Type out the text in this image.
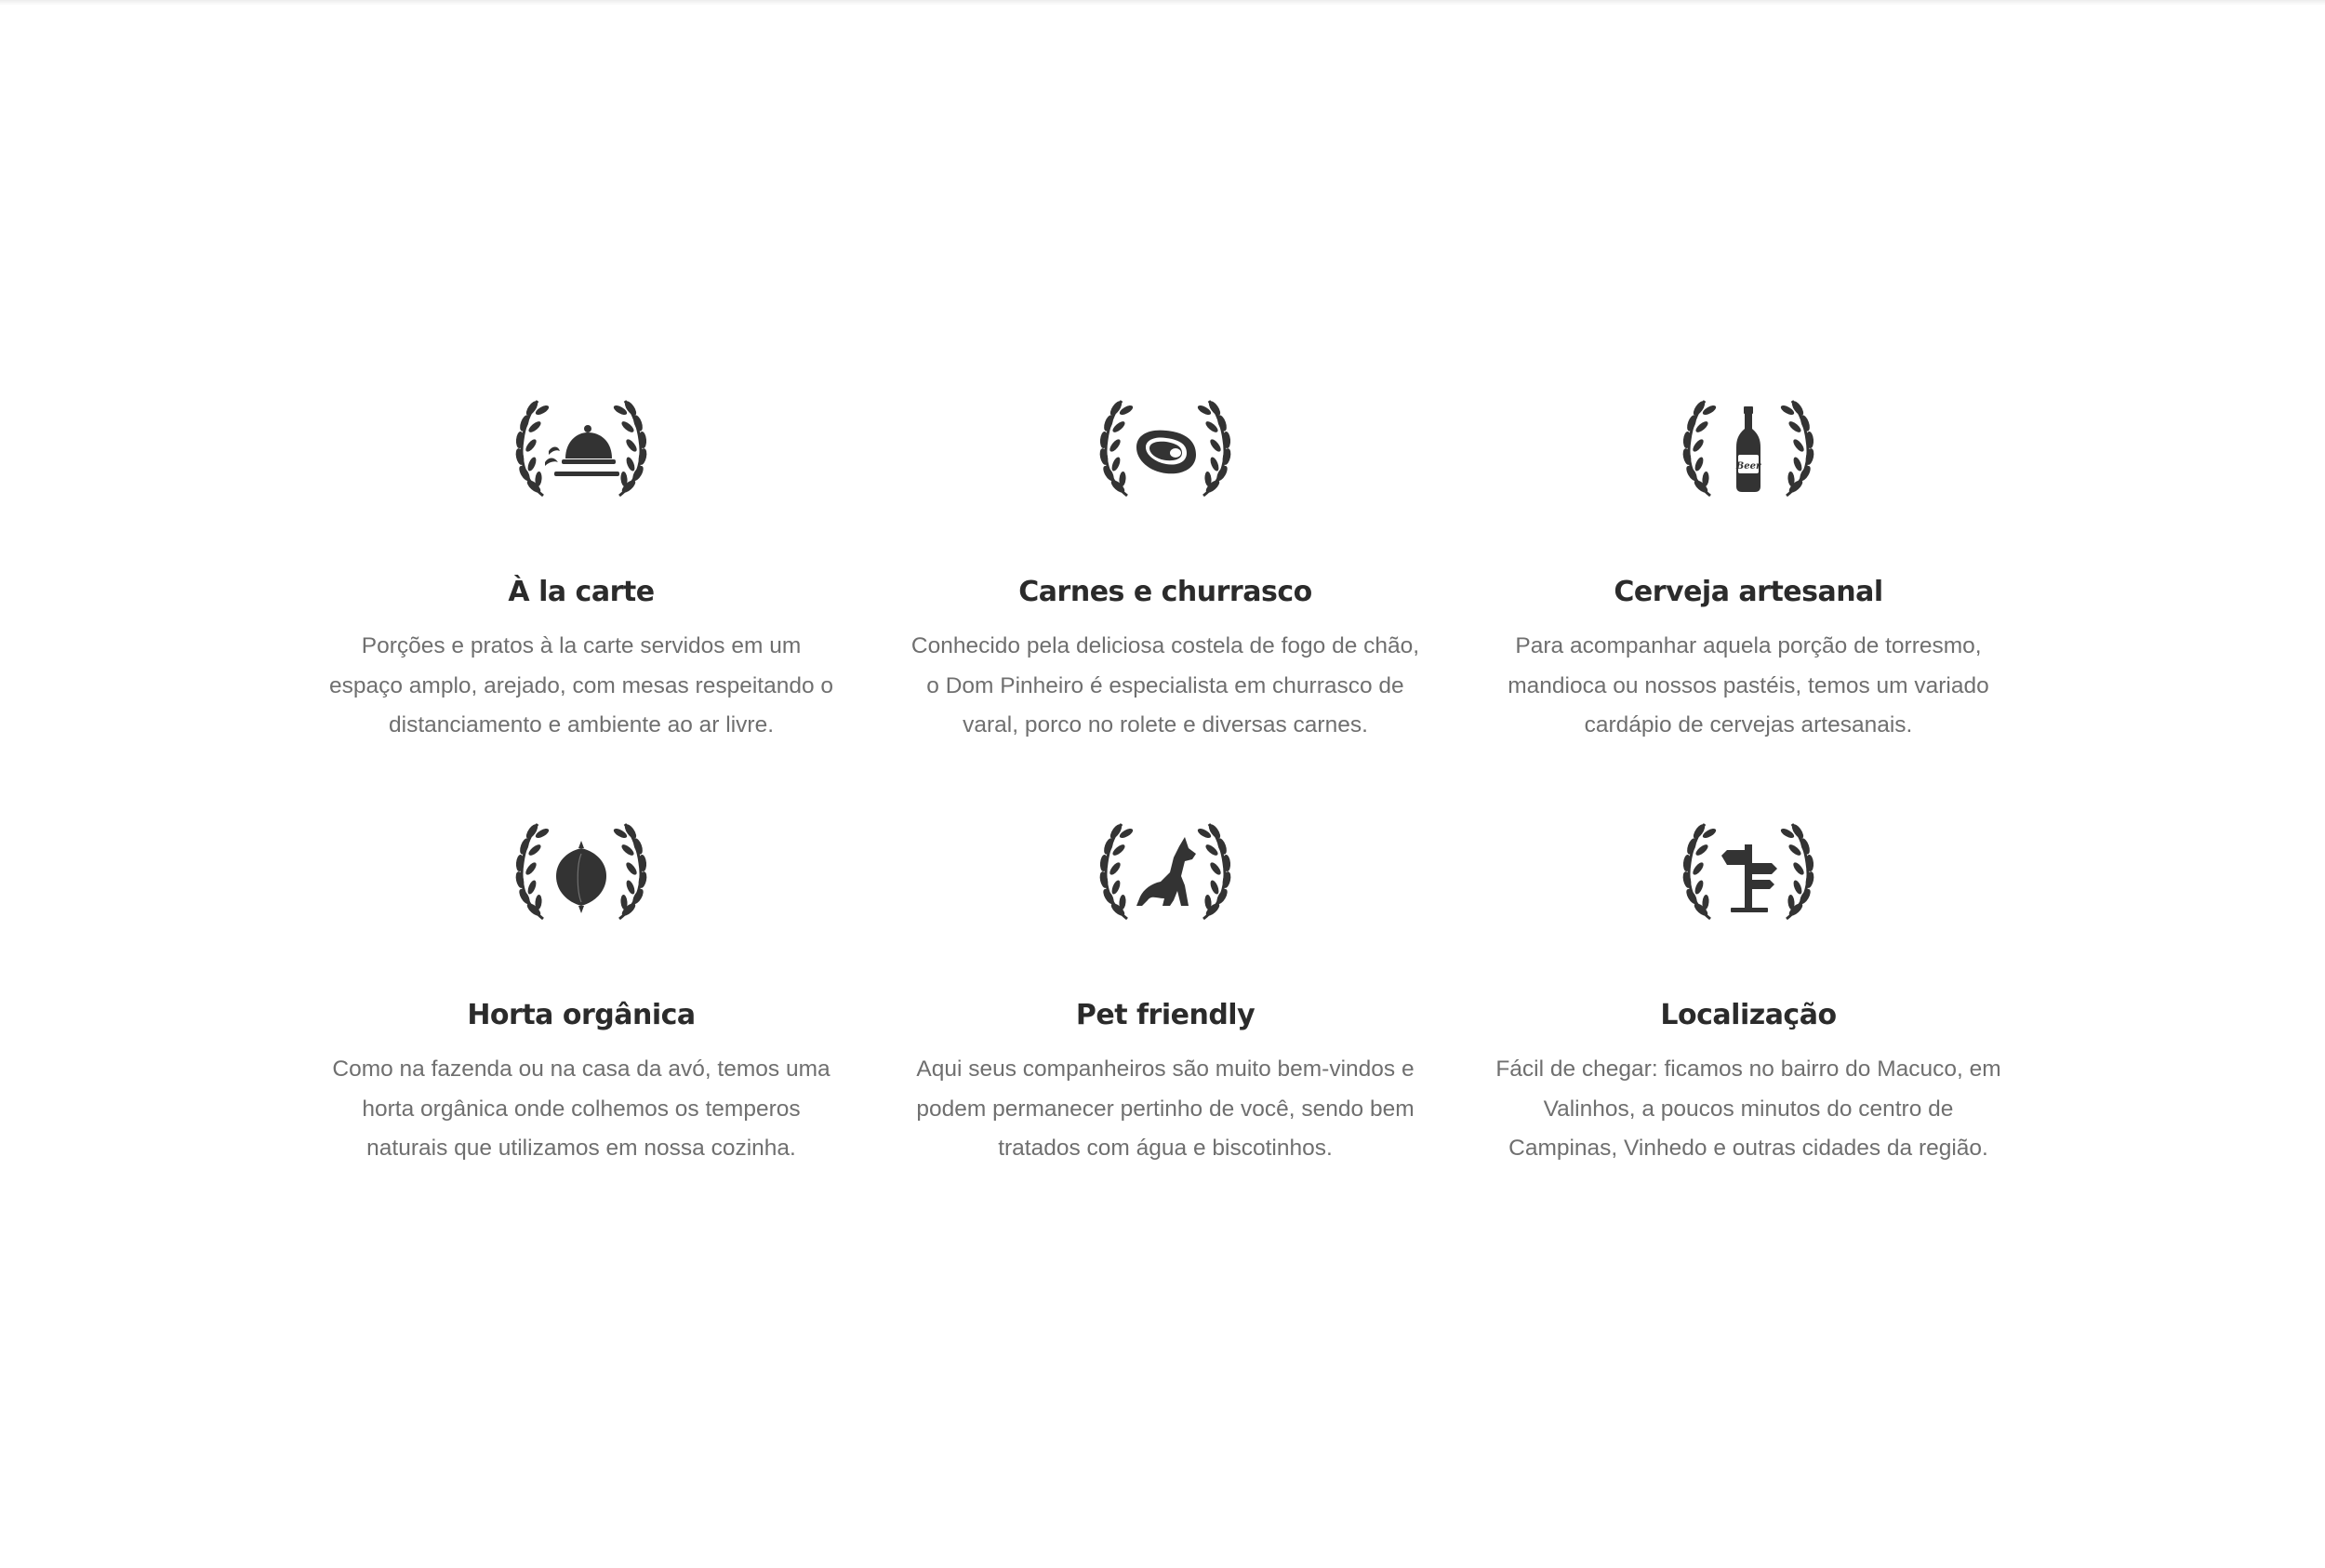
À la carte
Porções e pratos à la carte servidos em um espaço amplo, arejado, com mesas respeitando o distanciamento e ambiente ao ar livre.
Carnes e churrasco
Conhecido pela deliciosa costela de fogo de chão, o Dom Pinheiro é especialista em churrasco de varal, porco no rolete e diversas carnes.
Beer
Cerveja artesanal
Para acompanhar aquela porção de torresmo, mandioca ou nossos pastéis, temos um variado cardápio de cervejas artesanais.
Horta orgânica
Como na fazenda ou na casa da avó, temos uma horta orgânica onde colhemos os temperos naturais que utilizamos em nossa cozinha.
Pet friendly
Aqui seus companheiros são muito bem-vindos e podem permanecer pertinho de você, sendo bem tratados com água e biscotinhos.
Localização
Fácil de chegar: ficamos no bairro do Macuco, em Valinhos, a poucos minutos do centro de Campinas, Vinhedo e outras cidades da região.
